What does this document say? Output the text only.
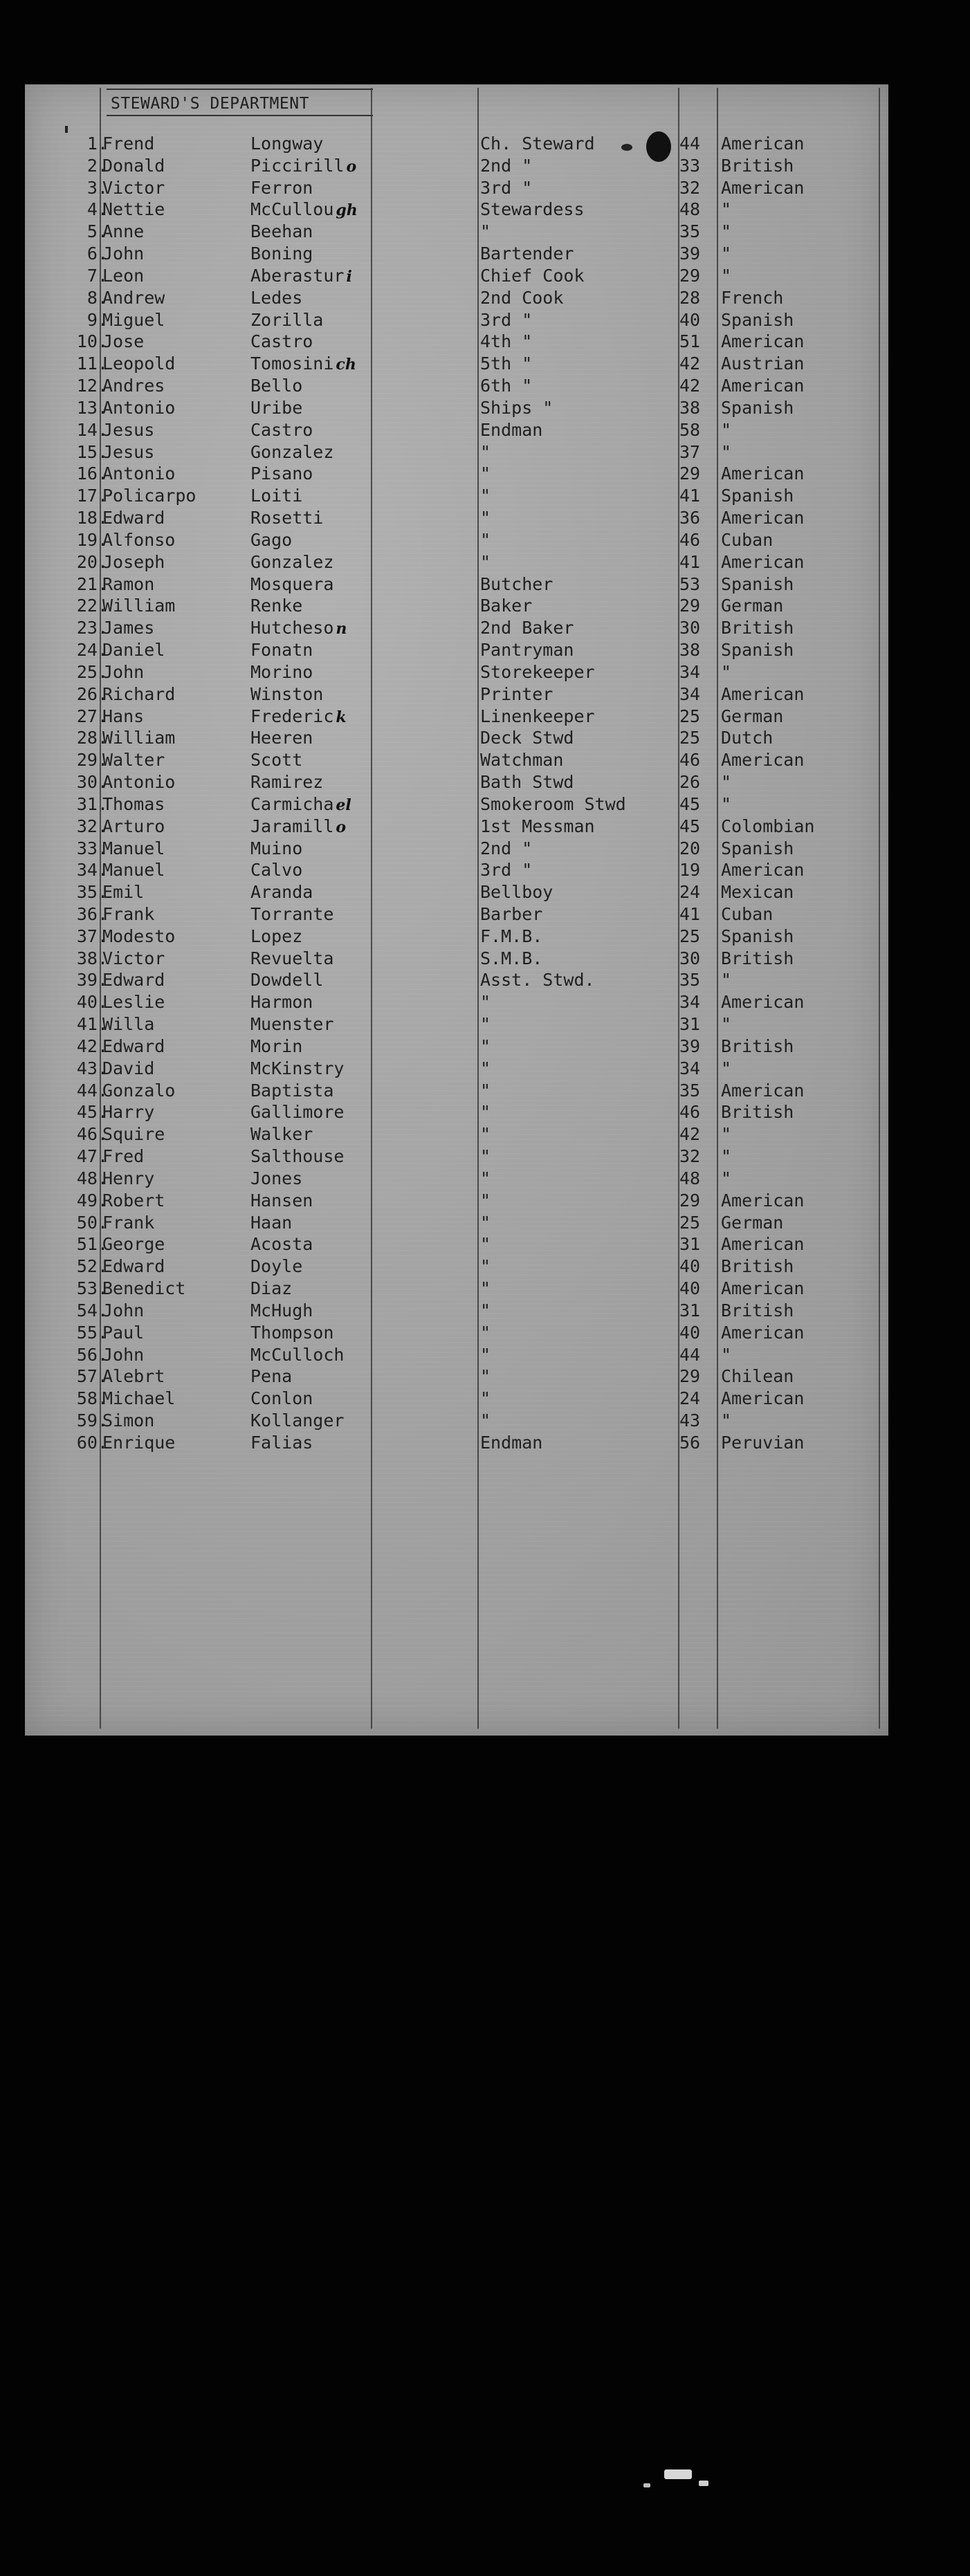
STEWARD'S DEPARTMENT
1.
Frend	Longway	Ch. Steward	44 American
2.
Donald	Piccirill o	2nd "	33 British
3.
Victor	Ferron	3rd "	32 American
4.
Nettie	McCullou gh	Stewardess	48 "
5.
Anne	Beehan	"	35 "
6.
John	Boning	Bartender	39 "
7.
Leon	Aberastur i	Chief Cook	29 "
8.
Andrew	Ledes	2nd Cook	28 French
9.
Miguel	Zorilla	3rd "	40 Spanish
10.
Jose	Castro	4th "	51 American
11.
Leopold	Tomosini ch	5th "	42 Austrian
12.
Andres	Bello	6th "	42 American
13.
Antonio	Uribe	Ships "	38 Spanish
14.
Jesus	Castro	Endman	58 "
15.
Jesus	Gonzalez	"	37 "
16.
Antonio	Pisano	"	29 American
17.
Policarpo	Loiti	"	41 Spanish
18.
Edward	Rosetti	"	36 American
19.
Alfonso	Gago	"	46 Cuban
20.
Joseph	Gonzalez	"	41 American
21.
Ramon	Mosquera	Butcher	53 Spanish
22.
William	Renke	Baker	29 German
23.
James	Hutcheso n	2nd Baker	30 British
24.
Daniel	Fonatn	Pantryman	38 Spanish
25.
John	Morino	Storekeeper	34 "
26.
Richard	Winston	Printer	34 American
27.
Hans	Frederic k	Linenkeeper	25 German
28.
William	Heeren	Deck Stwd	25 Dutch
29.
Walter	Scott	Watchman	46 American
30.
Antonio	Ramirez	Bath Stwd	26 "
31.
Thomas	Carmicha el	Smokeroom Stwd	45 "
32.
Arturo	Jaramill o	1st Messman	45 Colombian
33.
Manuel	Muino	2nd "	20 Spanish
34.
Manuel	Calvo	3rd "	19 American
35.
Emil	Aranda	Bellboy	24 Mexican
36.
Frank	Torrante	Barber	41 Cuban
37.
Modesto	Lopez	F.M.B.	25 Spanish
38.
Victor	Revuelta	S.M.B.	30 British
39.
Edward	Dowdell	Asst. Stwd.	35 "
40.
Leslie	Harmon	"	34 American
41.
Willa	Muenster	"	31 "
42.
Edward	Morin	"	39 British
43.
David	McKinstry	"	34 "
44.
Gonzalo	Baptista	"	35 American
45.
Harry	Gallimore	"	46 British
46.
Squire	Walker	"	42 "
47.
Fred	Salthouse	"	32 "
48.
Henry	Jones	"	48 "
49.
Robert	Hansen	"	29 American
50.
Frank	Haan	"	25 German
51.
George	Acosta	"	31 American
52.
Edward	Doyle	"	40 British
53.
Benedict	Diaz	"	40 American
54.
John	McHugh	"	31 British
55.
Paul	Thompson	"	40 American
56.
John	McCulloch	"	44 "
57.
Alebrt	Pena	"	29 Chilean
58.
Michael	Conlon	"	24 American
59.
Simon	Kollanger	"	43 "
60.
Enrique	Falias	Endman	56 Peruvian
